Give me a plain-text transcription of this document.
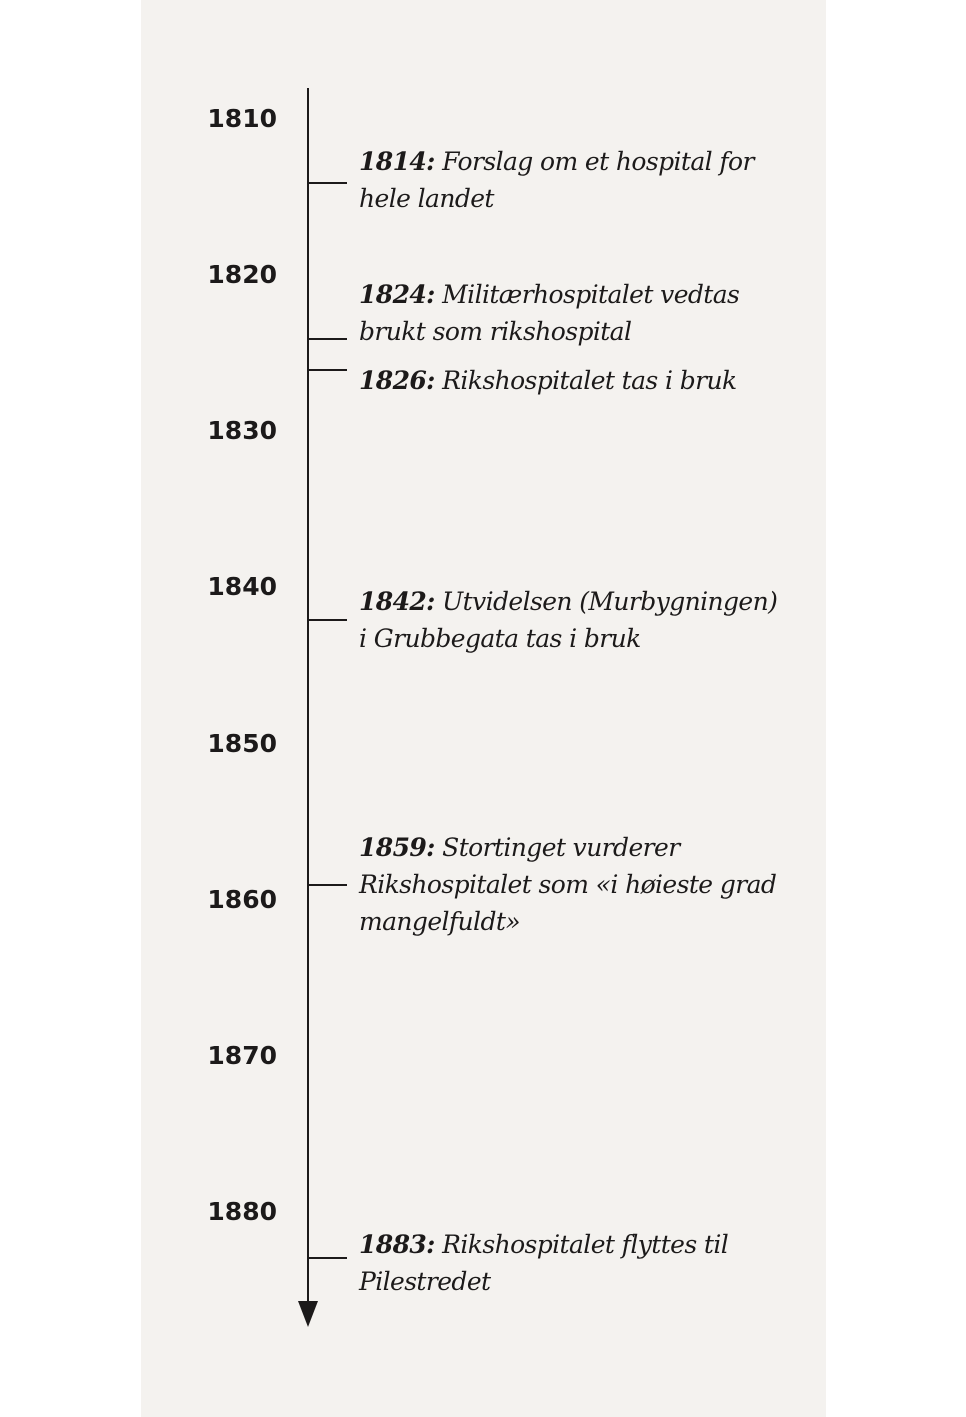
1810
1820
1830
1840
1850
1860
1870
1880
1814: Forslag om et hospital for hele landet
1824: Militærhospitalet vedtas brukt som rikshospital
1826: Rikshospitalet tas i bruk
1842: Utvidelsen (Murbygningen) i Grubbegata tas i bruk
1859: Stortinget vurderer Rikshospitalet som «i høieste grad mangelfuldt»
1883: Rikshospitalet flyttes til Pilestredet
